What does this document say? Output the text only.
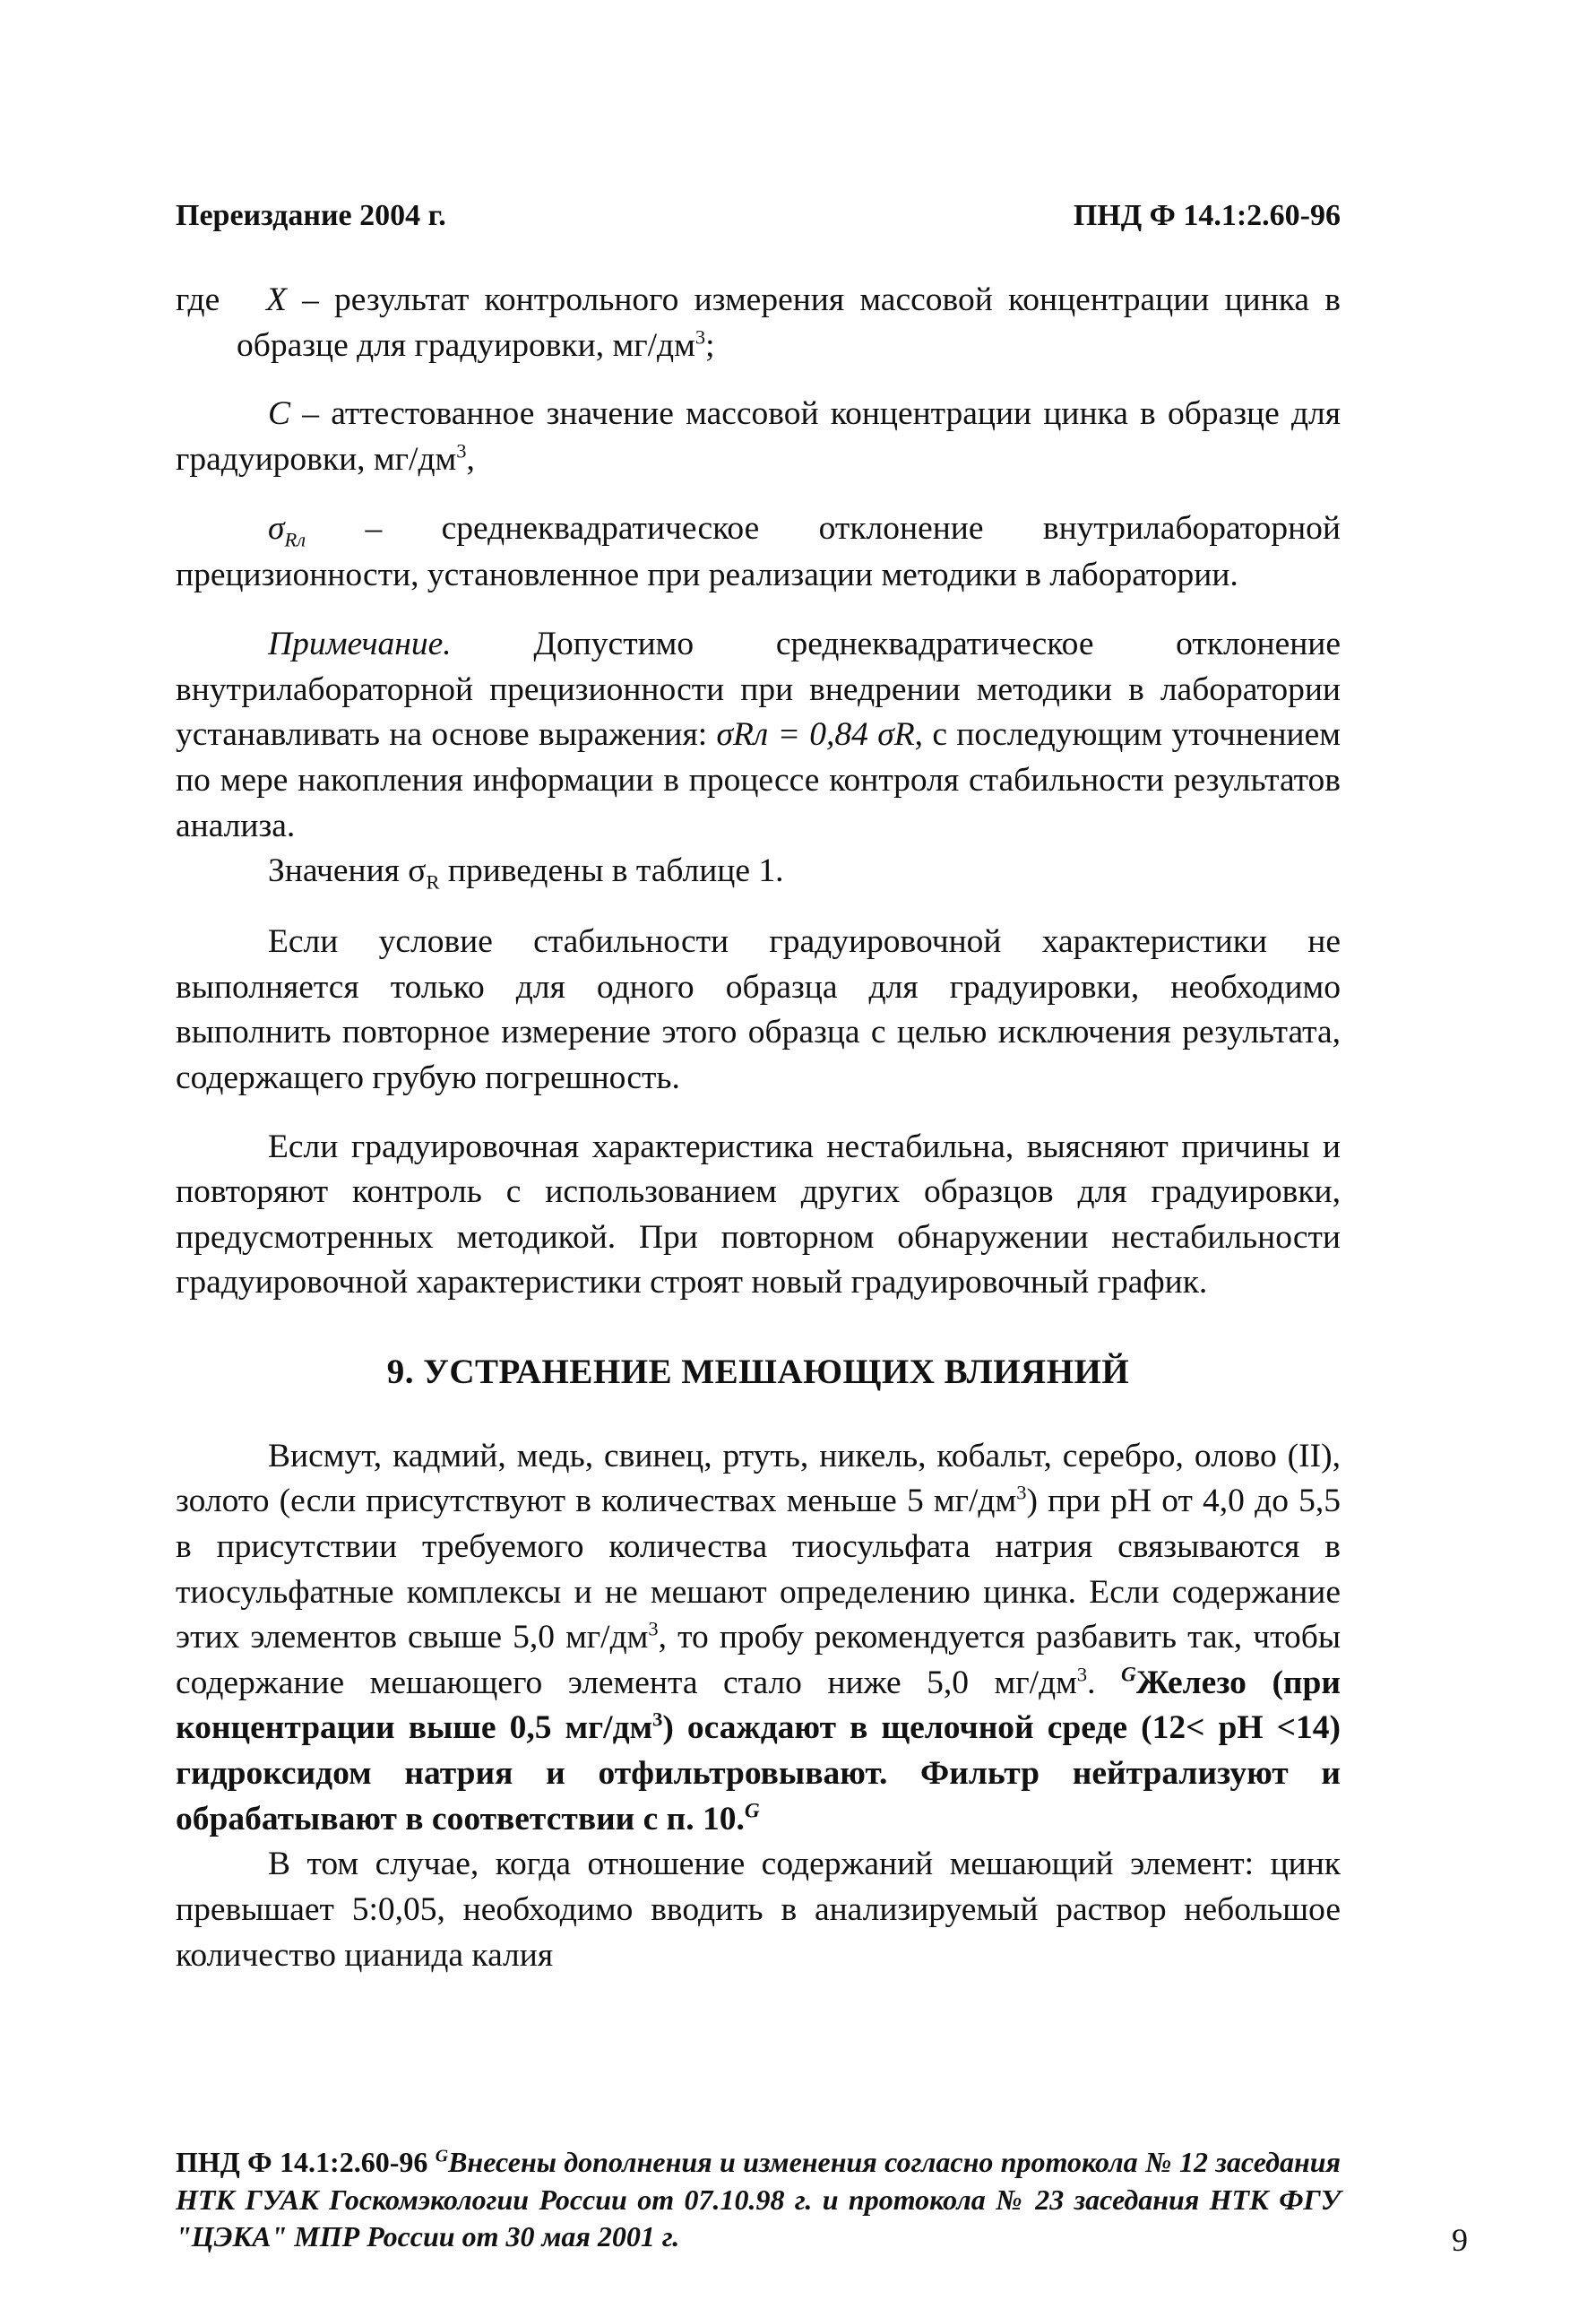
Переиздание 2004 г.	ПНД Ф 14.1:2.60-96

где X – результат контрольного измерения массовой концентрации цинка в образце для градуировки, $мг/дм^3$;

C – аттестованное значение массовой концентрации цинка в образце для градуировки, $мг/дм^3$,

$\sigma_{Rл}$ – среднеквадратическое отклонение внутрилабораторной прецизионности, установленное при реализации методики в лаборатории.

Примечание. Допустимо среднеквадратическое отклонение внутрилабораторной прецизионности при внедрении методики в лаборатории устанавливать на основе выражения: σRл = 0,84 σR, с последующим уточнением по мере накопления информации в процессе контроля стабильности результатов анализа.

Значения $\sigma_R$ приведены в таблице 1.

Если условие стабильности градуировочной характеристики не выполняется только для одного образца для градуировки, необходимо выполнить повторное измерение этого образца с целью исключения результата, содержащего грубую погрешность.

Если градуировочная характеристика нестабильна, выясняют причины и повторяют контроль с использованием других образцов для градуировки, предусмотренных методикой. При повторном обнаружении нестабильности градуировочной характеристики строят новый градуировочный график.

9. УСТРАНЕНИЕ МЕШАЮЩИХ ВЛИЯНИЙ

Висмут, кадмий, медь, свинец, ртуть, никель, кобальт, серебро, олово (II), золото (если присутствуют в количествах меньше 5 $мг/дм^3$) при рН от 4,0 до 5,5 в присутствии требуемого количества тиосульфата натрия связываются в тиосульфатные комплексы и не мешают определению цинка. Если содержание этих элементов свыше 5,0 $мг/дм^3$, то пробу рекомендуется разбавить так, чтобы содержание мешающего элемента стало ниже 5,0 $мг/дм^3$. $^G$Железо (при концентрации выше 0,5 $мг/дм^3$) осаждают в щелочной среде (12< рН <14) гидроксидом натрия и отфильтровывают. Фильтр нейтрализуют и обрабатывают в соответствии с п. 10.$^G$

В том случае, когда отношение содержаний мешающий элемент: цинк превышает 5:0,05, необходимо вводить в анализируемый раствор небольшое количество цианида калия

ПНД Ф 14.1:2.60-96 $^G$Внесены дополнения и изменения согласно протокола № 12 заседания НТК ГУАК Госкомэкологии России от 07.10.98 г. и протокола № 23 заседания НТК ФГУ "ЦЭКА" МПР России от 30 мая 2001 г.	9
